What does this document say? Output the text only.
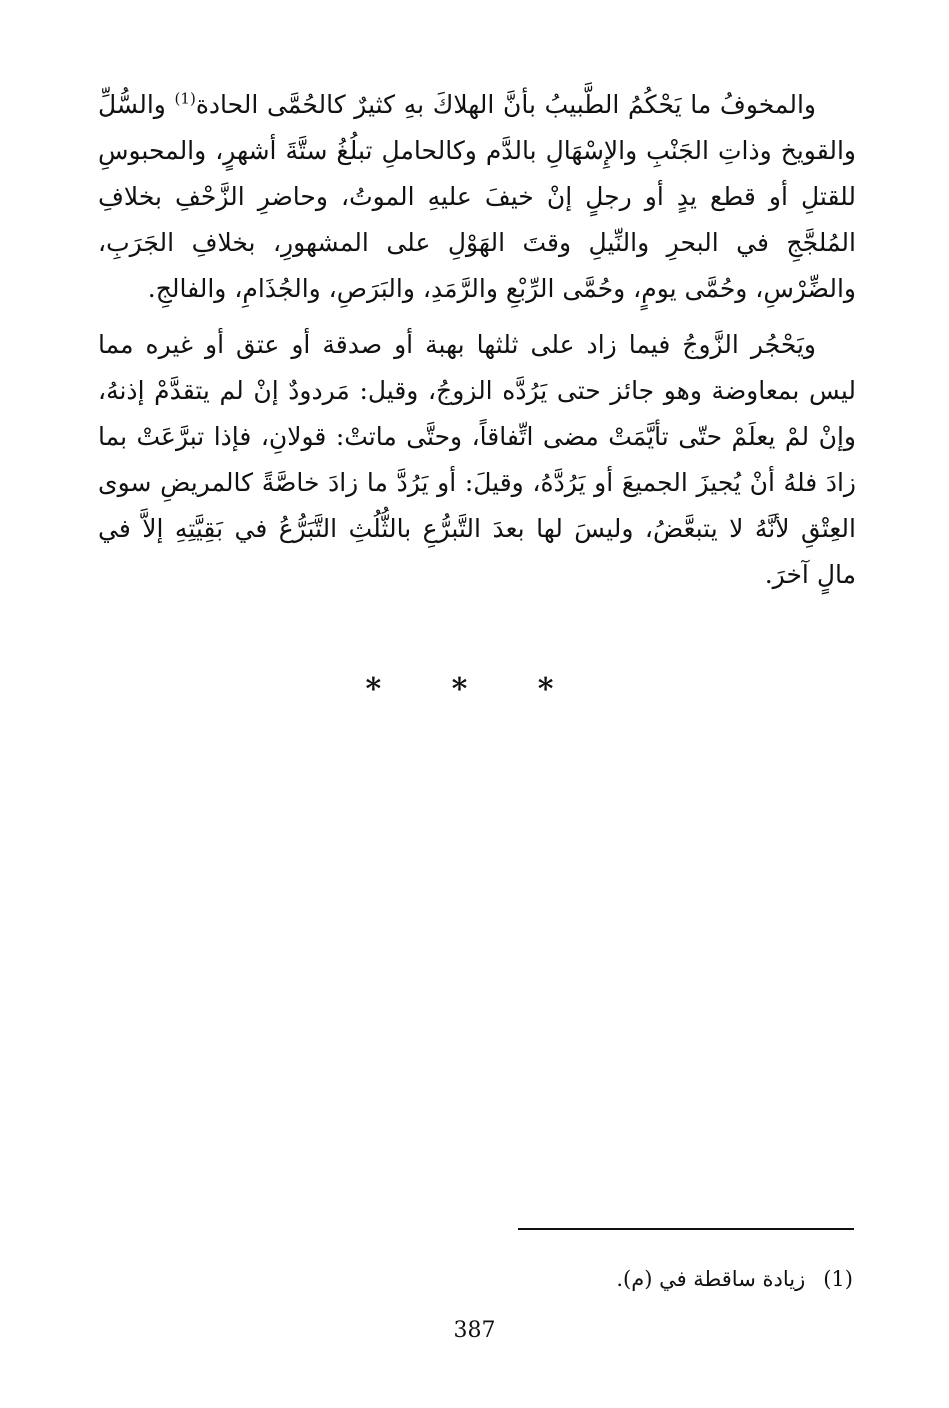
والمخوفُ ما يَحْكُمُ الطَّبيبُ بأنَّ الهلاكَ بهِ كثيرٌ كالحُمَّى الحادة$^{(1)}$ والسُّلِّ والقويخ وذاتِ الجَنْبِ والإِسْهَالِ بالدَّم وكالحاملِ تبلُغُ ستَّةَ أشهرٍ، والمحبوسِ للقتلِ أو قطع يدٍ أو رجلٍ إنْ خيفَ عليهِ الموتُ، وحاضرِ الزَّحْفِ بخلافِ المُلجَّجِ في البحرِ والنِّيلِ وقتَ الهَوْلِ على المشهورِ، بخلافِ الجَرَبِ، والضِّرْسِ، وحُمَّى يومٍ، وحُمَّى الرِّبْعِ والرَّمَدِ، والبَرَصِ، والجُذَامِ، والفالجِ.

ويَحْجُر الزَّوجُ فيما زاد على ثلثها بهبة أو صدقة أو عتق أو غيره مما ليس بمعاوضة وهو جائز حتى يَرُدَّه الزوجُ، وقيل: مَردودٌ إنْ لم يتقدَّمْ إذنهُ، وإنْ لمْ يعلَمْ حتّى تأيَّمَتْ مضى اتِّفاقاً، وحتَّى ماتتْ: قولانِ، فإذا تبرَّعَتْ بما زادَ فلهُ أنْ يُجيزَ الجميعَ أو يَرُدَّهُ، وقيلَ: أو يَرُدَّ ما زادَ خاصَّةً كالمريضِ سوى العِتْقِ لأنَّهُ لا يتبعَّضُ، وليسَ لها بعدَ التَّبرُّعِ بالثُّلُثِ التَّبَرُّعُ في بَقِيَّتِهِ إلاَّ في مالٍ آخرَ.

* * *
(1)زيادة ساقطة في (م).
387
